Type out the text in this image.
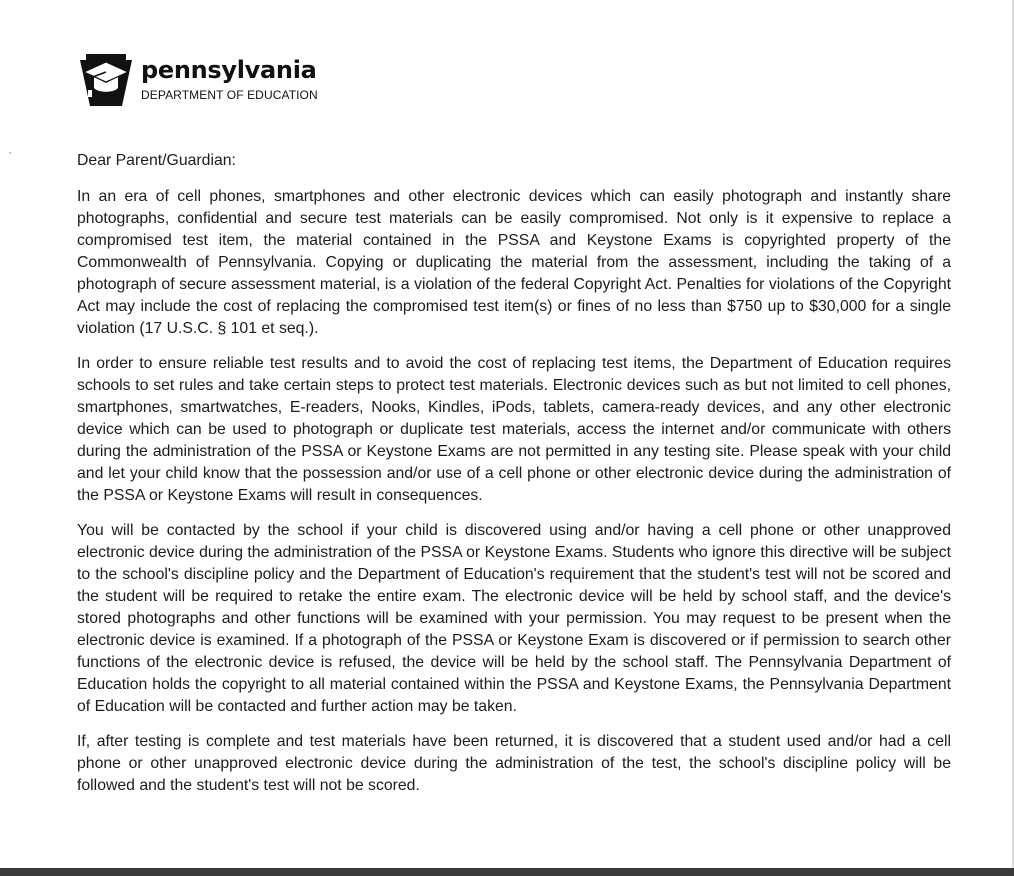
pennsylvania
DEPARTMENT OF EDUCATION

Dear Parent/Guardian:

In an era of cell phones, smartphones and other electronic devices which can easily photograph and instantly share photographs, confidential and secure test materials can be easily compromised. Not only is it expensive to replace a compromised test item, the material contained in the PSSA and Keystone Exams is copyrighted property of the Commonwealth of Pennsylvania. Copying or duplicating the material from the assessment, including the taking of a photograph of secure assessment material, is a violation of the federal Copyright Act. Penalties for violations of the Copyright Act may include the cost of replacing the compromised test item(s) or fines of no less than $750 up to $30,000 for a single violation (17 U.S.C. § 101 et seq.).

In order to ensure reliable test results and to avoid the cost of replacing test items, the Department of Education requires schools to set rules and take certain steps to protect test materials. Electronic devices such as but not limited to cell phones, smartphones, smartwatches, E-readers, Nooks, Kindles, iPods, tablets, camera-ready devices, and any other electronic device which can be used to photograph or duplicate test materials, access the internet and/or communicate with others during the administration of the PSSA or Keystone Exams are not permitted in any testing site. Please speak with your child and let your child know that the possession and/or use of a cell phone or other electronic device during the administration of the PSSA or Keystone Exams will result in consequences.

You will be contacted by the school if your child is discovered using and/or having a cell phone or other unapproved electronic device during the administration of the PSSA or Keystone Exams. Students who ignore this directive will be subject to the school's discipline policy and the Department of Education's requirement that the student's test will not be scored and the student will be required to retake the entire exam. The electronic device will be held by school staff, and the device's stored photographs and other functions will be examined with your permission. You may request to be present when the electronic device is examined. If a photograph of the PSSA or Keystone Exam is discovered or if permission to search other functions of the electronic device is refused, the device will be held by the school staff. The Pennsylvania Department of Education holds the copyright to all material contained within the PSSA and Keystone Exams, the Pennsylvania Department of Education will be contacted and further action may be taken.

If, after testing is complete and test materials have been returned, it is discovered that a student used and/or had a cell phone or other unapproved electronic device during the administration of the test, the school's discipline policy will be followed and the student's test will not be scored.
